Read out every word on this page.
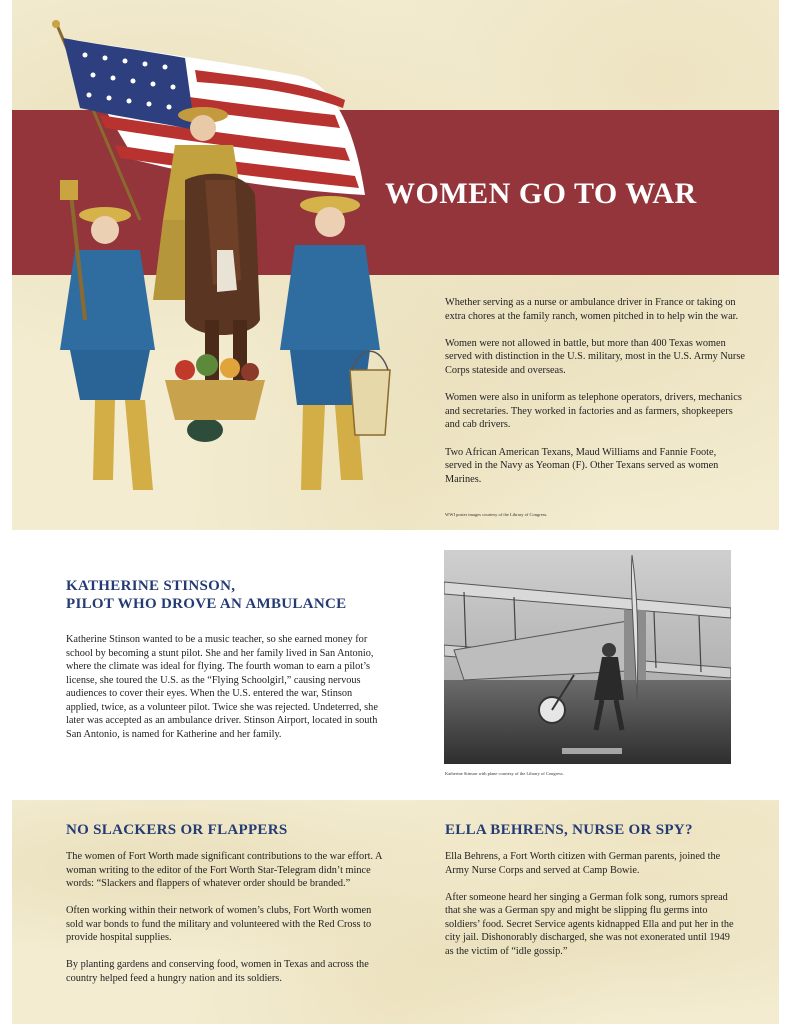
WOMEN GO TO WAR

Whether serving as a nurse or ambulance driver in France or taking on extra chores at the family ranch, women pitched in to help win the war.

Women were not allowed in battle, but more than 400 Texas women served with distinction in the U.S. military, most in the U.S. Army Nurse Corps stateside and overseas.

Women were also in uniform as telephone operators, drivers, mechanics and secretaries. They worked in factories and as farmers, shopkeepers and cab drivers.

Two African American Texans, Maud Williams and Fannie Foote, served in the Navy as Yeoman (F). Other Texans served as women Marines.

WWI poster images courtesy of the Library of Congress.
KATHERINE STINSON,
PILOT WHO DROVE AN AMBULANCE

Katherine Stinson wanted to be a music teacher, so she earned money for school by becoming a stunt pilot. She and her family lived in San Antonio, where the climate was ideal for flying. The fourth woman to earn a pilot’s license, she toured the U.S. as the “Flying Schoolgirl,” causing nervous audiences to cover their eyes. When the U.S. entered the war, Stinson applied, twice, as a volunteer pilot. Twice she was rejected. Undeterred, she later was accepted as an ambulance driver. Stinson Airport, located in south San Antonio, is named for Katherine and her family.

Katherine Stinson with plane courtesy of the Library of Congress.
NO SLACKERS OR FLAPPERS

The women of Fort Worth made significant contributions to the war effort. A woman writing to the editor of the Fort Worth Star-Telegram didn’t mince words: “Slackers and flappers of whatever order should be branded.”

Often working within their network of women’s clubs, Fort Worth women sold war bonds to fund the military and volunteered with the Red Cross to provide hospital supplies.

By planting gardens and conserving food, women in Texas and across the country helped feed a hungry nation and its soldiers.

ELLA BEHRENS, NURSE OR SPY?

Ella Behrens, a Fort Worth citizen with German parents, joined the Army Nurse Corps and served at Camp Bowie.

After someone heard her singing a German folk song, rumors spread that she was a German spy and might be slipping flu germs into soldiers’ food. Secret Service agents kidnapped Ella and put her in the city jail. Dishonorably discharged, she was not exonerated until 1949 as the victim of “idle gossip.”
